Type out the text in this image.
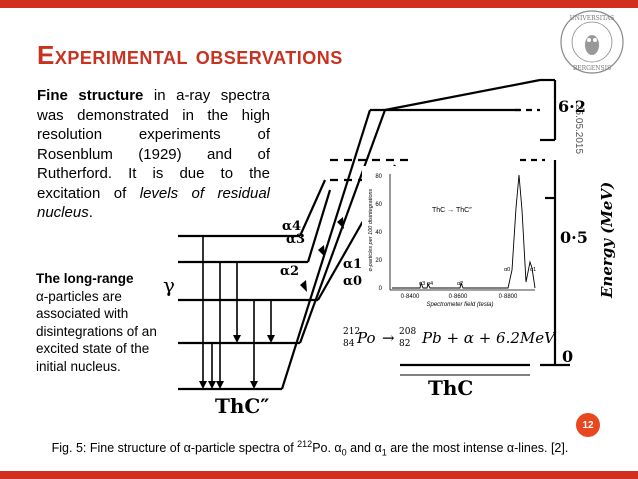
Experimental observations
UNIVERSITAS
BERGENSIS
25.05.2015
γ
ThC″
ThC
α3
α4
α2	α1
α0
6·2
0·5
0
Energy (MeV)
80
60
40
20
0
0·8400	0·8600	0·8800
Spectrometer field (tesla)
α-particles per 100 disintegrations	ThC → ThC″
α3 α4	α2
α0	α1
212
84 Po → 208
82 Pb + α + 6.2MeV
Fine structure in a-ray spectra was demonstrated in the high resolution experiments of Rosenblum (1929) and of Rutherford. It is due to the excitation of levels of residual nucleus.
The long-range
α-particles are associated with disintegrations of an excited state of the initial nucleus.
12
Fig. 5: Fine structure of α-particle spectra of $^{212}$Po. $\alpha_0$ and $\alpha_1$ are the most intense α-lines. [2].
